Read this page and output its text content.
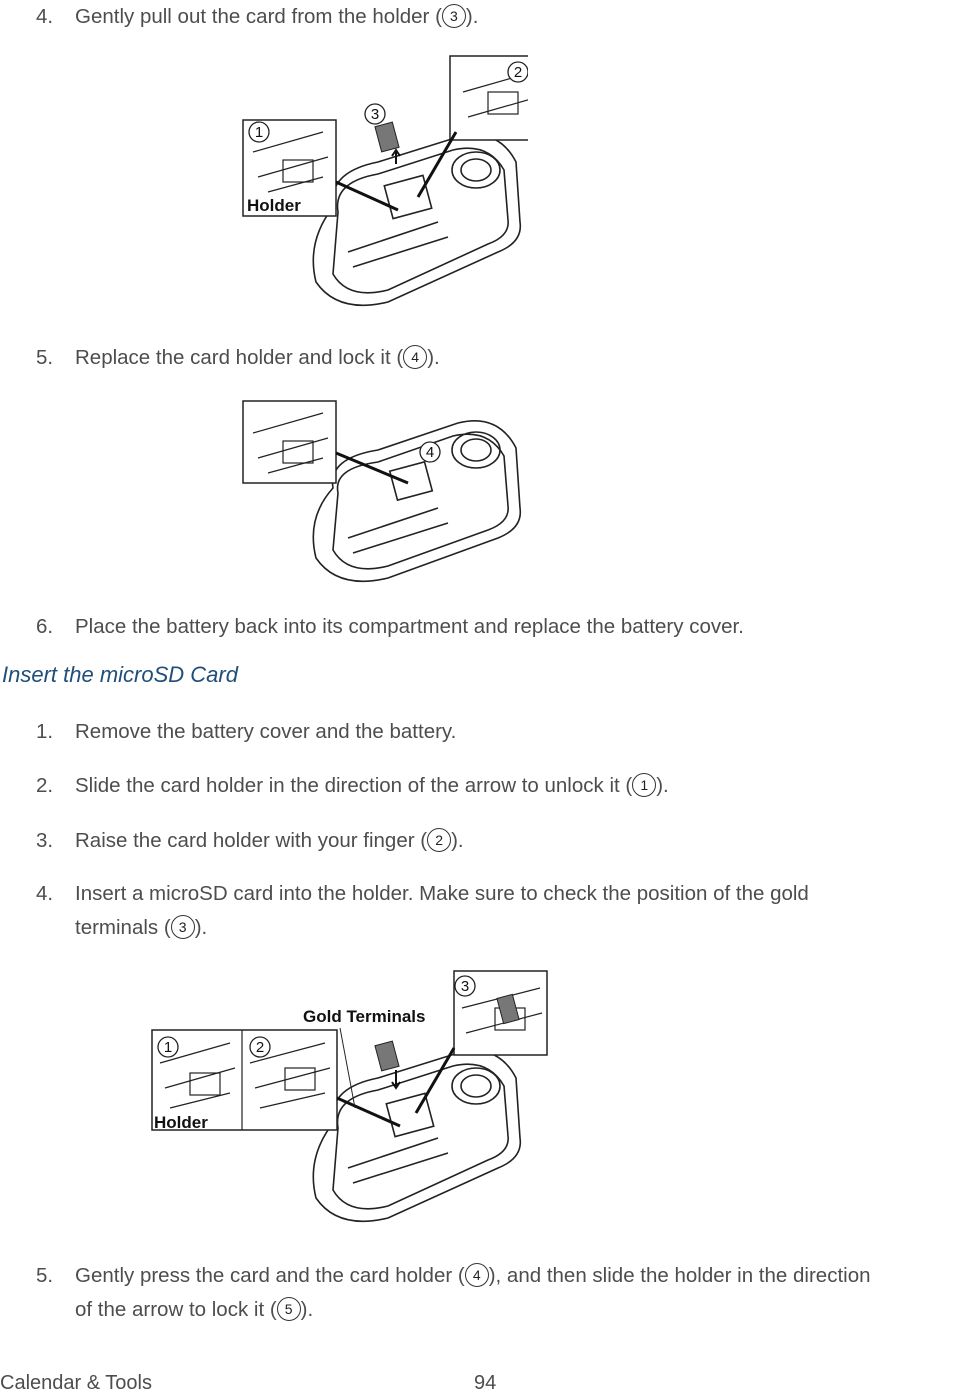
4. Gently pull out the card from the holder ( 3 ).
1
2
3
Holder
5. Replace the card holder and lock it ( 4 ).
4
6. Place the battery back into its compartment and replace the battery cover.
Insert the microSD Card
1. Remove the battery cover and the battery.
2. Slide the card holder in the direction of the arrow to unlock it ( 1 ).
3. Raise the card holder with your finger ( 2 ).
4. Insert a microSD card into the holder. Make sure to check the position of the gold
terminals ( 3 ).
1	2
3
Gold Terminals
Holder
5. Gently press the card and the card holder ( 4 ), and then slide the holder in the direction
of the arrow to lock it ( 5 ).
Calendar & Tools	94
